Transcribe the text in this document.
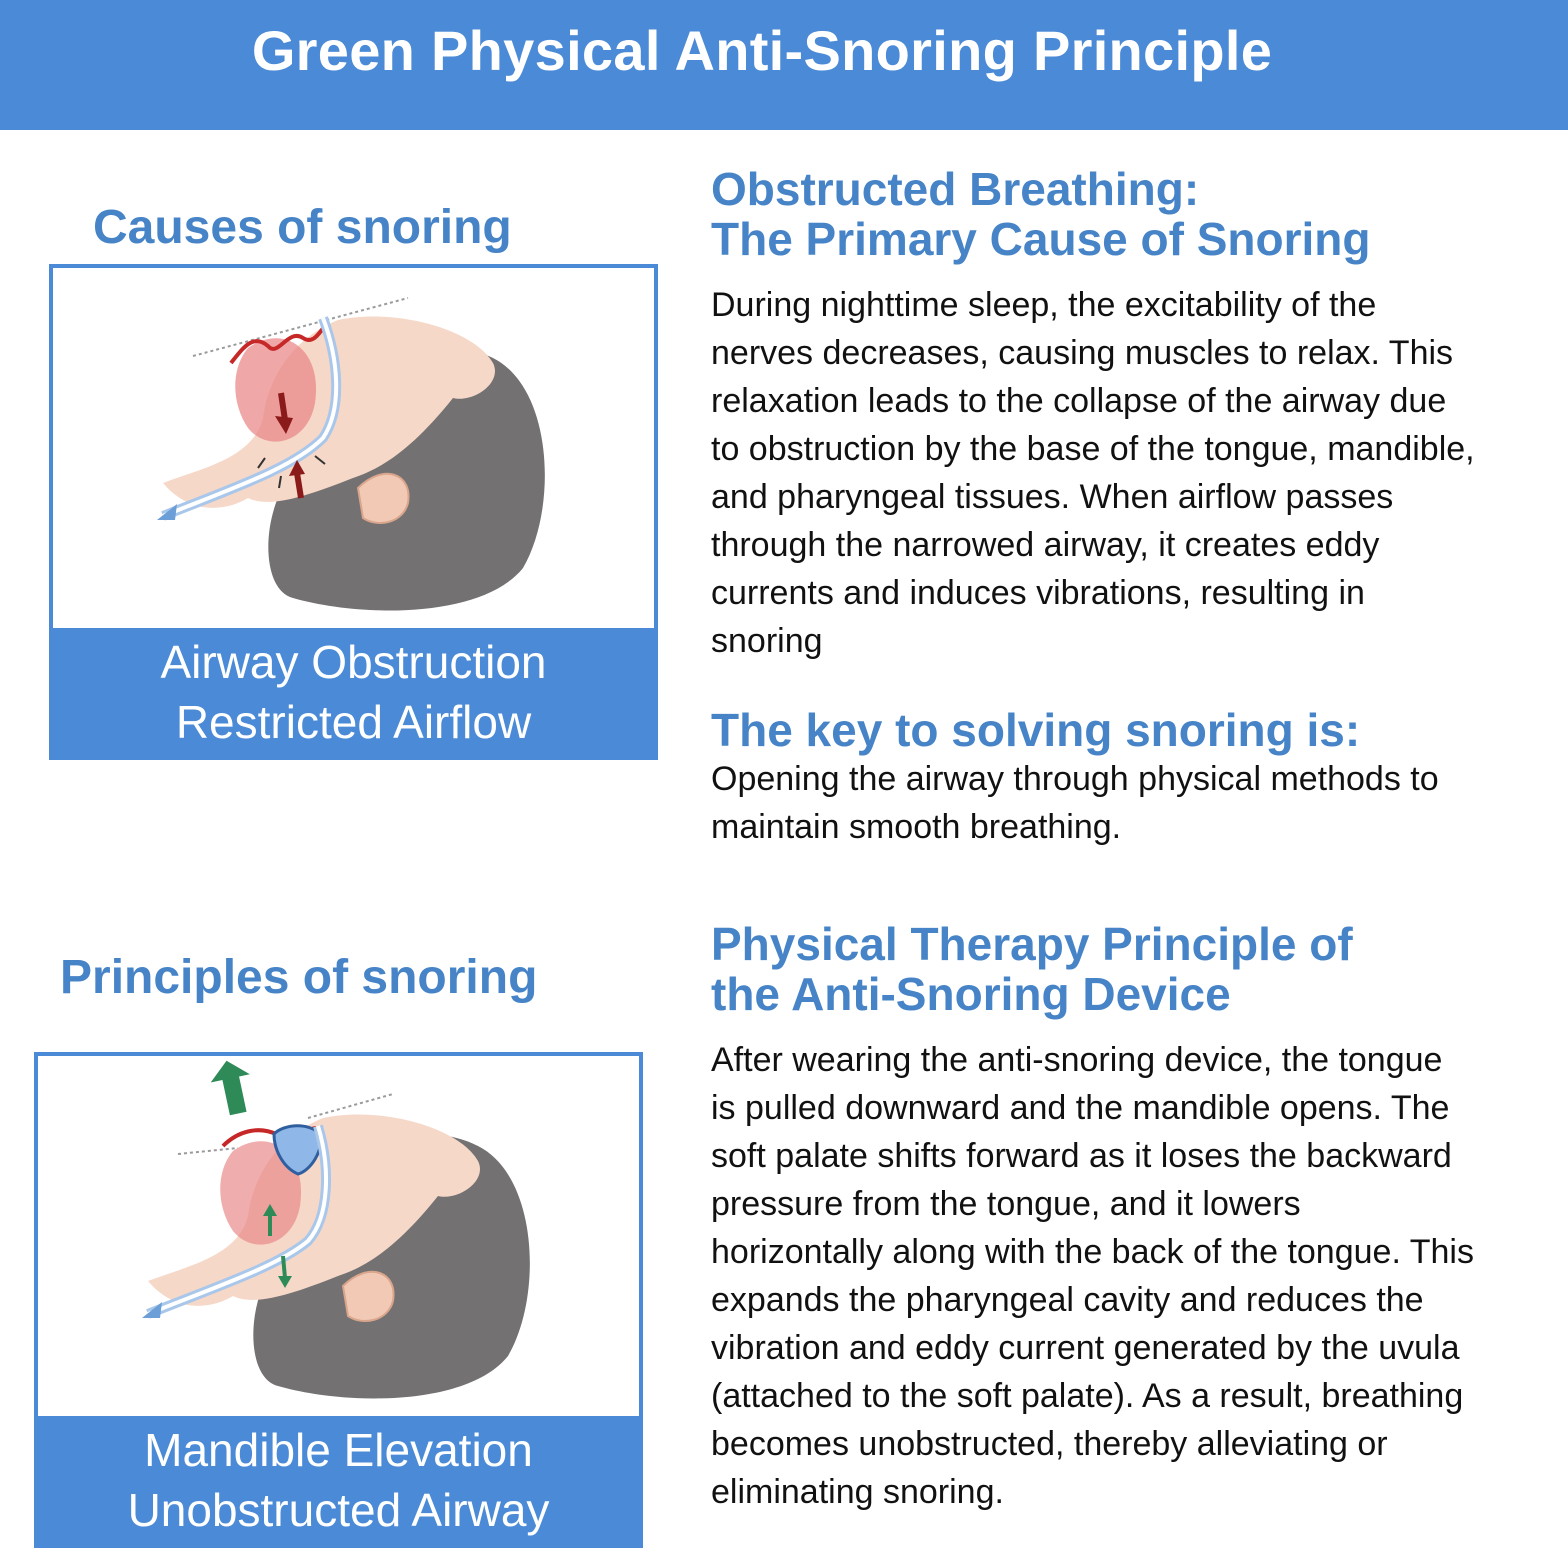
Green Physical Anti-Snoring Principle
Causes of snoring
Airway Obstruction
Restricted Airflow
Principles of snoring
Mandible Elevation
Unobstructed Airway
Obstructed Breathing:
The Primary Cause of Snoring

During nighttime sleep, the excitability of the
nerves decreases, causing muscles to relax. This
relaxation leads to the collapse of the airway due
to obstruction by the base of the tongue, mandible,
and pharyngeal tissues. When airflow passes
through the narrowed airway, it creates eddy
currents and induces vibrations, resulting in
snoring

The key to solving snoring is:

Opening the airway through physical methods to
maintain smooth breathing.

Physical Therapy Principle of
the Anti-Snoring Device

After wearing the anti-snoring device, the tongue
is pulled downward and the mandible opens. The
soft palate shifts forward as it loses the backward
pressure from the tongue, and it lowers
horizontally along with the back of the tongue. This
expands the pharyngeal cavity and reduces the
vibration and eddy current generated by the uvula
(attached to the soft palate). As a result, breathing
becomes unobstructed, thereby alleviating or
eliminating snoring.
